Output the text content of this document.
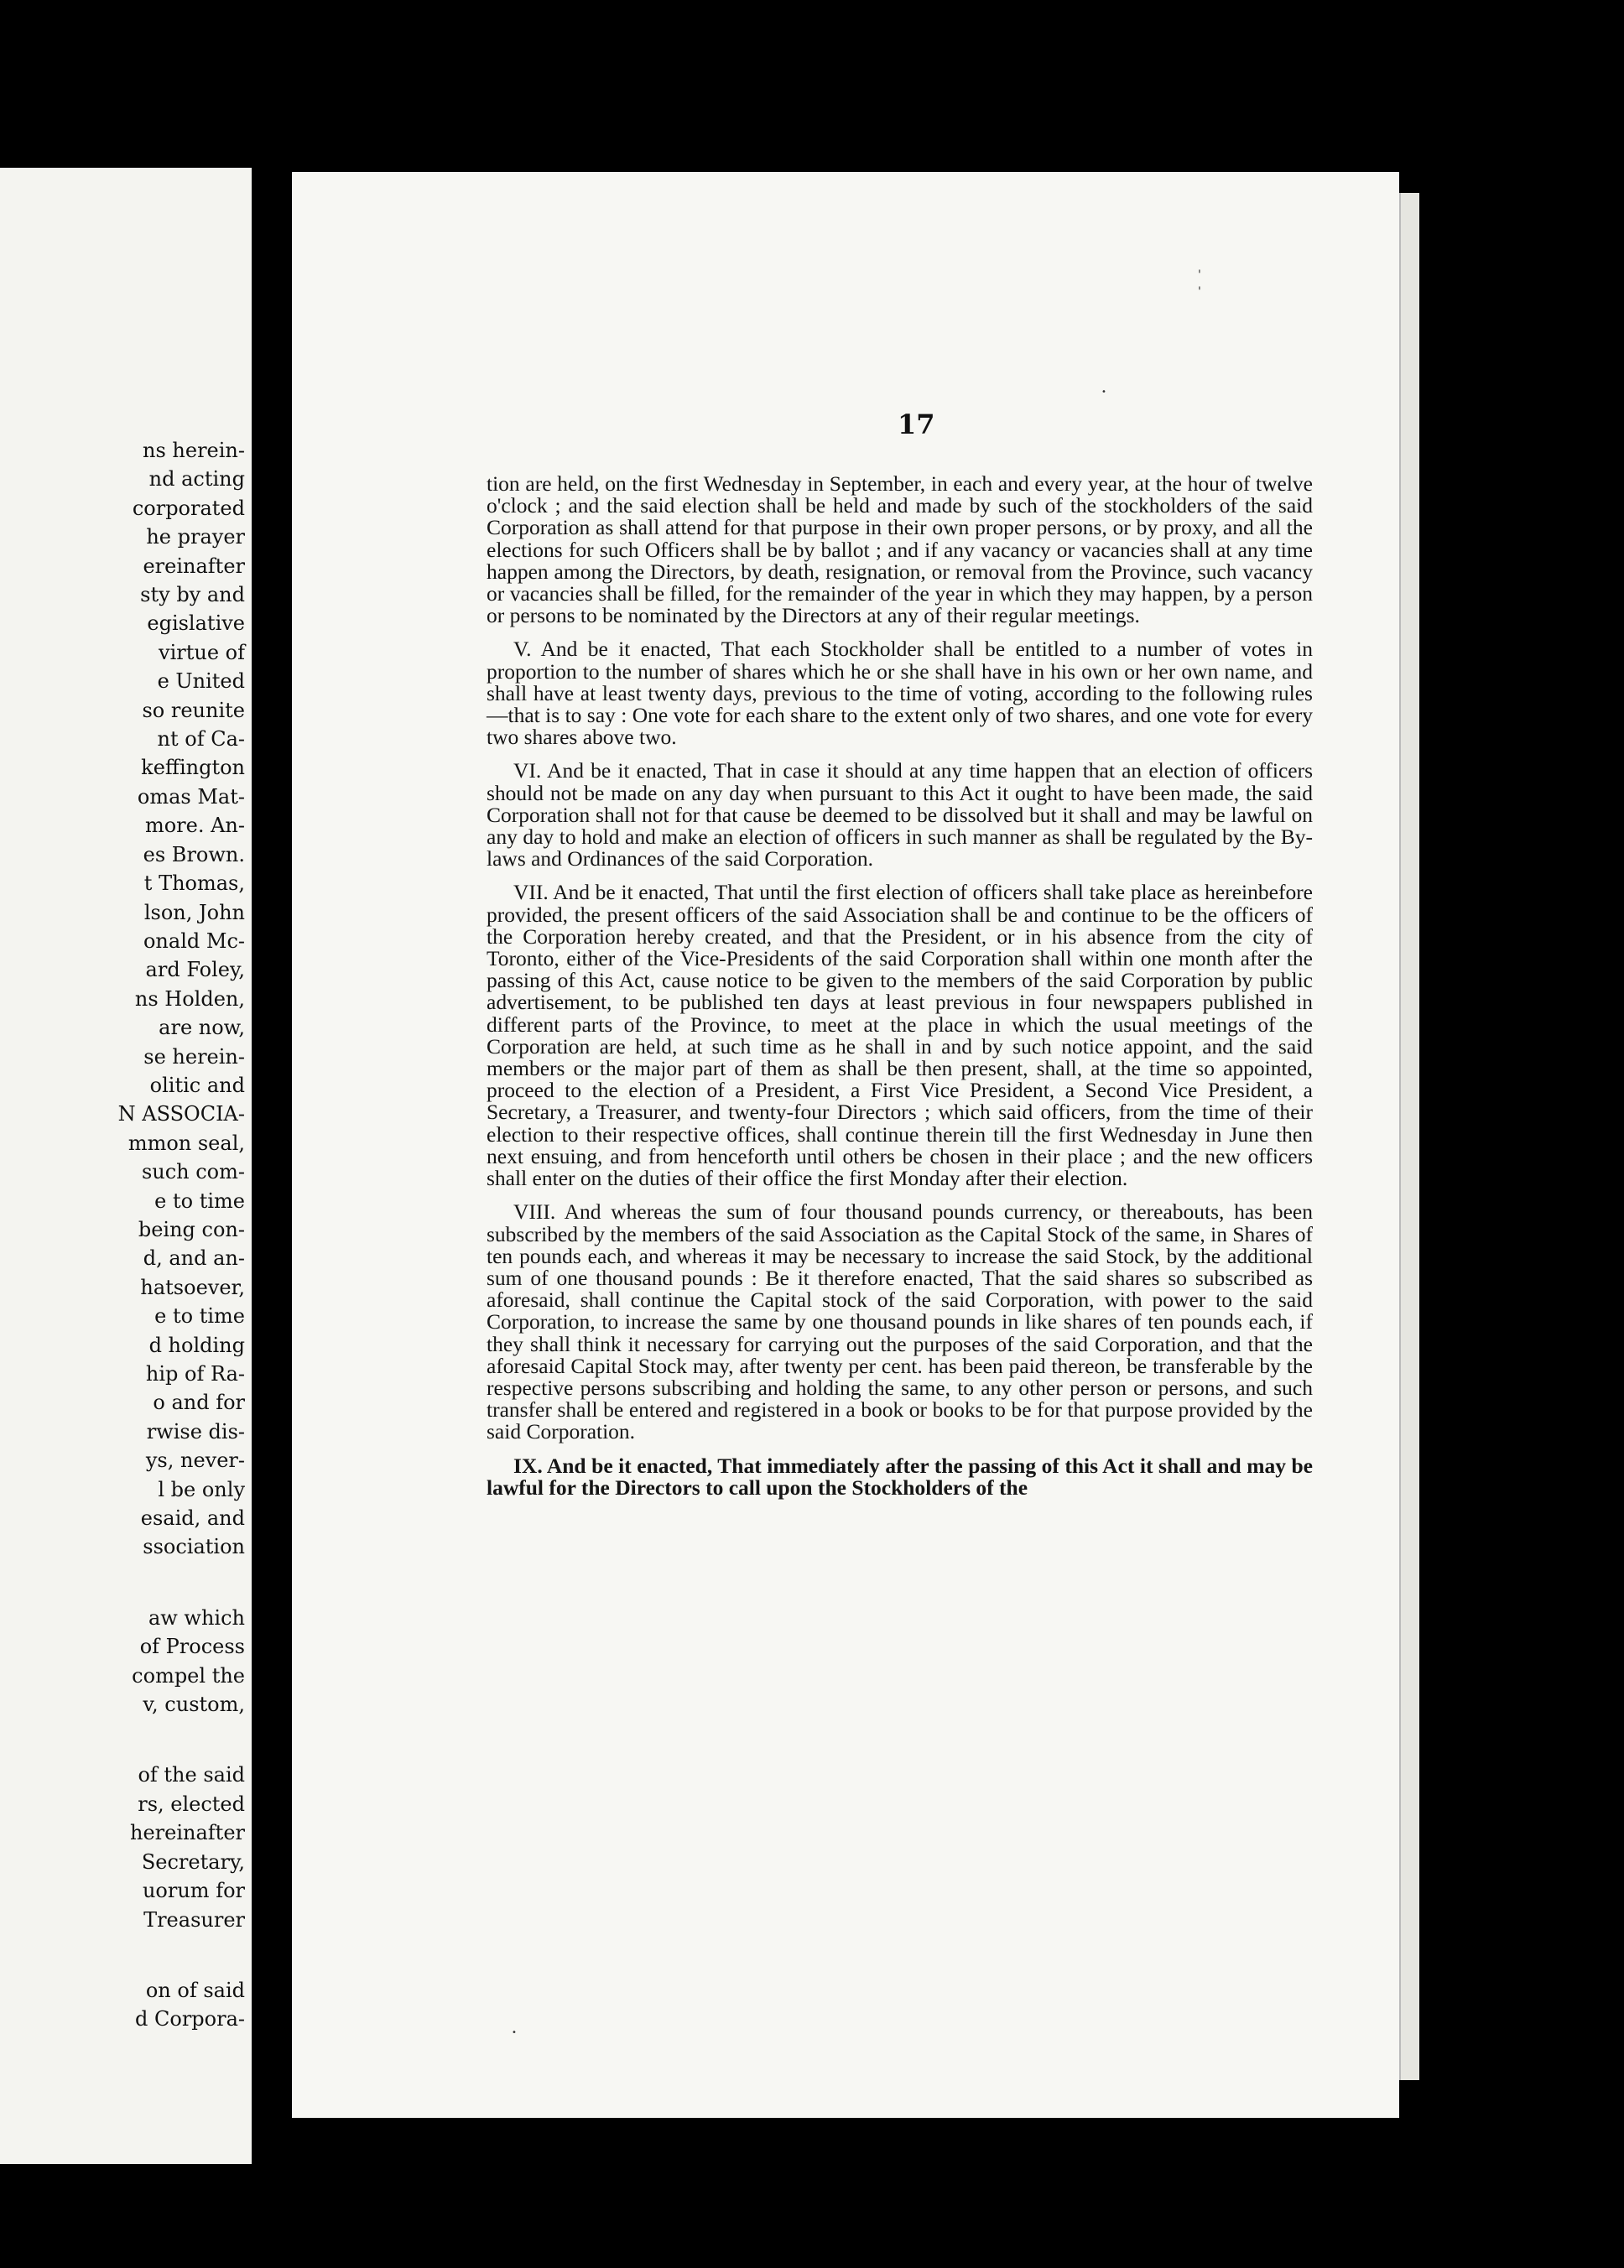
ns herein-
nd acting
corporated
he prayer
ereinafter
sty by and
egislative
virtue of
e United
so reunite
nt of Ca-
keffington
omas Mat-
more. An-
es Brown.
t Thomas,
lson, John
onald Mc-
ard Foley,
ns Holden,
are now,
se herein-
olitic and
N ASSOCIA-
mmon seal,
such com-
e to time
being con-
d, and an-
hatsoever,
e to time
d holding
hip of Ra-
o and for
rwise dis-
ys, never-
l be only
esaid, and
ssociation
aw which
of Process
compel the
v, custom,
of the said
rs, elected
hereinafter
Secretary,
uorum for
Treasurer
on of said
d Corpora-
'
'
•
•
17

tion are held, on the first Wednesday in September, in each and every year, at the hour of twelve o'clock ; and the said election shall be held and made by such of the stockholders of the said Corporation as shall attend for that purpose in their own proper persons, or by proxy, and all the elections for such Officers shall be by ballot ; and if any vacancy or vacancies shall at any time happen among the Directors, by death, resignation, or removal from the Province, such vacancy or vacancies shall be filled, for the remainder of the year in which they may happen, by a person or persons to be nominated by the Directors at any of their regular meetings.

V. And be it enacted, That each Stockholder shall be entitled to a number of votes in proportion to the number of shares which he or she shall have in his own or her own name, and shall have at least twenty days, previous to the time of voting, according to the following rules—that is to say : One vote for each share to the extent only of two shares, and one vote for every two shares above two.

VI. And be it enacted, That in case it should at any time happen that an election of officers should not be made on any day when pursuant to this Act it ought to have been made, the said Corporation shall not for that cause be deemed to be dissolved but it shall and may be lawful on any day to hold and make an election of officers in such manner as shall be regulated by the By-laws and Ordinances of the said Corporation.

VII. And be it enacted, That until the first election of officers shall take place as hereinbefore provided, the present officers of the said Association shall be and continue to be the officers of the Corporation hereby created, and that the President, or in his absence from the city of Toronto, either of the Vice-Presidents of the said Corporation shall within one month after the passing of this Act, cause notice to be given to the members of the said Corporation by public advertisement, to be published ten days at least previous in four newspapers published in different parts of the Province, to meet at the place in which the usual meetings of the Corporation are held, at such time as he shall in and by such notice appoint, and the said members or the major part of them as shall be then present, shall, at the time so appointed, proceed to the election of a President, a First Vice President, a Second Vice President, a Secretary, a Treasurer, and twenty-four Directors ; which said officers, from the time of their election to their respective offices, shall continue therein till the first Wednesday in June then next ensuing, and from henceforth until others be chosen in their place ; and the new officers shall enter on the duties of their office the first Monday after their election.

VIII. And whereas the sum of four thousand pounds currency, or thereabouts, has been subscribed by the members of the said Association as the Capital Stock of the same, in Shares of ten pounds each, and whereas it may be necessary to increase the said Stock, by the additional sum of one thousand pounds : Be it therefore enacted, That the said shares so subscribed as aforesaid, shall continue the Capital stock of the said Corporation, with power to the said Corporation, to increase the same by one thousand pounds in like shares of ten pounds each, if they shall think it necessary for carrying out the purposes of the said Corporation, and that the aforesaid Capital Stock may, after twenty per cent. has been paid thereon, be transferable by the respective persons subscribing and holding the same, to any other person or persons, and such transfer shall be entered and registered in a book or books to be for that purpose provided by the said Corporation.

IX. And be it enacted, That immediately after the passing of this Act it shall and may be lawful for the Directors to call upon the Stockholders of the
